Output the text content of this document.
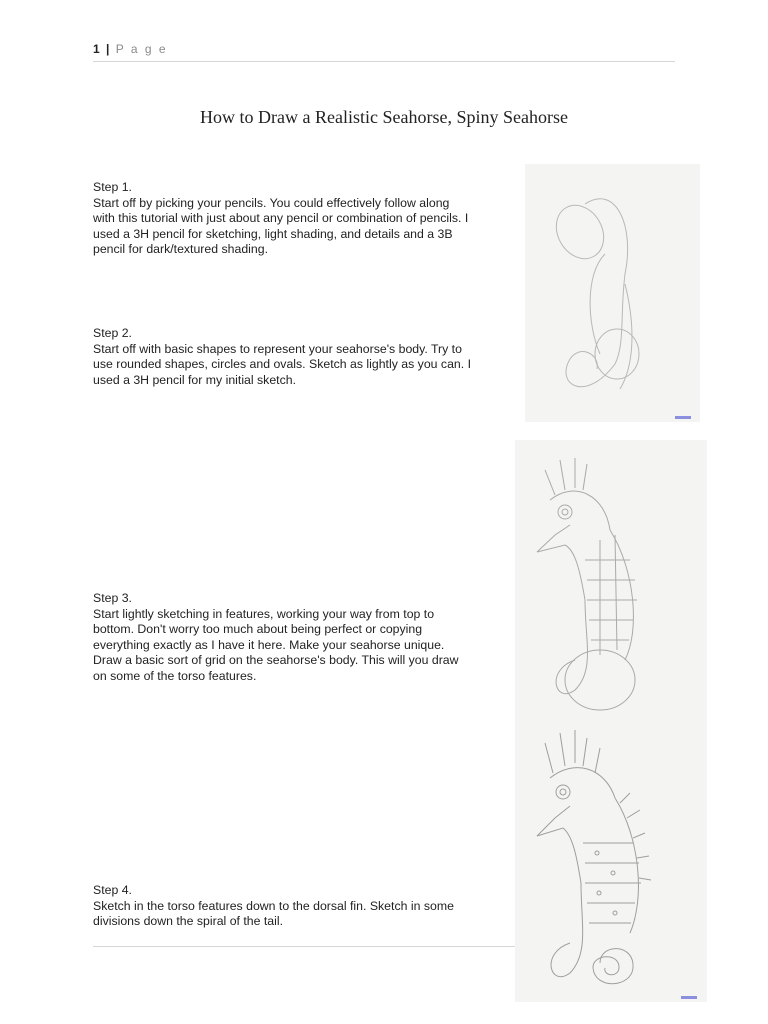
1 | P a g e
How to Draw a Realistic Seahorse, Spiny Seahorse
Step 1.
Start off by picking your pencils. You could effectively follow along
with this tutorial with just about any pencil or combination of pencils. I
used a 3H pencil for sketching, light shading, and details and a 3B
pencil for dark/textured shading.
Step 2.
Start off with basic shapes to represent your seahorse's body. Try to
use rounded shapes, circles and ovals. Sketch as lightly as you can. I
used a 3H pencil for my initial sketch.
Step 3.
Start lightly sketching in features, working your way from top to
bottom. Don't worry too much about being perfect or copying
everything exactly as I have it here. Make your seahorse unique.
Draw a basic sort of grid on the seahorse's body. This will you draw
on some of the torso features.
Step 4.
Sketch in the torso features down to the dorsal fin. Sketch in some
divisions down the spiral of the tail.
